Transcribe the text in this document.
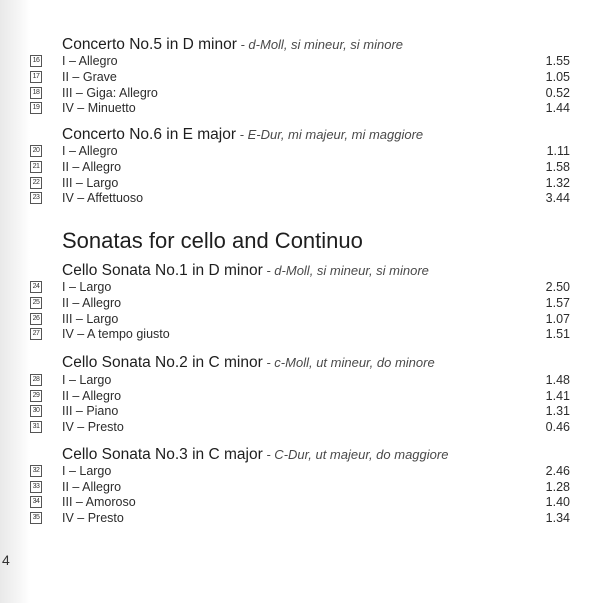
Concerto No.5 in D minor - d-Moll, si mineur, si minore
16 I – Allegro	1.55
17 II – Grave	1.05
18 III – Giga: Allegro	0.52
19 IV – Minuetto	1.44
Concerto No.6 in E major - E-Dur, mi majeur, mi maggiore
20 I – Allegro	1.11
21 II – Allegro	1.58
22 III – Largo	1.32
23 IV – Affettuoso	3.44
Sonatas for cello and Continuo
Cello Sonata No.1 in D minor - d-Moll, si mineur, si minore
24 I – Largo	2.50
25 II – Allegro	1.57
26 III – Largo	1.07
27 IV – A tempo giusto	1.51
Cello Sonata No.2 in C minor - c-Moll, ut mineur, do minore
28 I – Largo	1.48
29 II – Allegro	1.41
30 III – Piano	1.31
31 IV – Presto	0.46
Cello Sonata No.3 in C major - C-Dur, ut majeur, do maggiore
32 I – Largo	2.46
33 II – Allegro	1.28
34 III – Amoroso	1.40
35 IV – Presto	1.34
4
